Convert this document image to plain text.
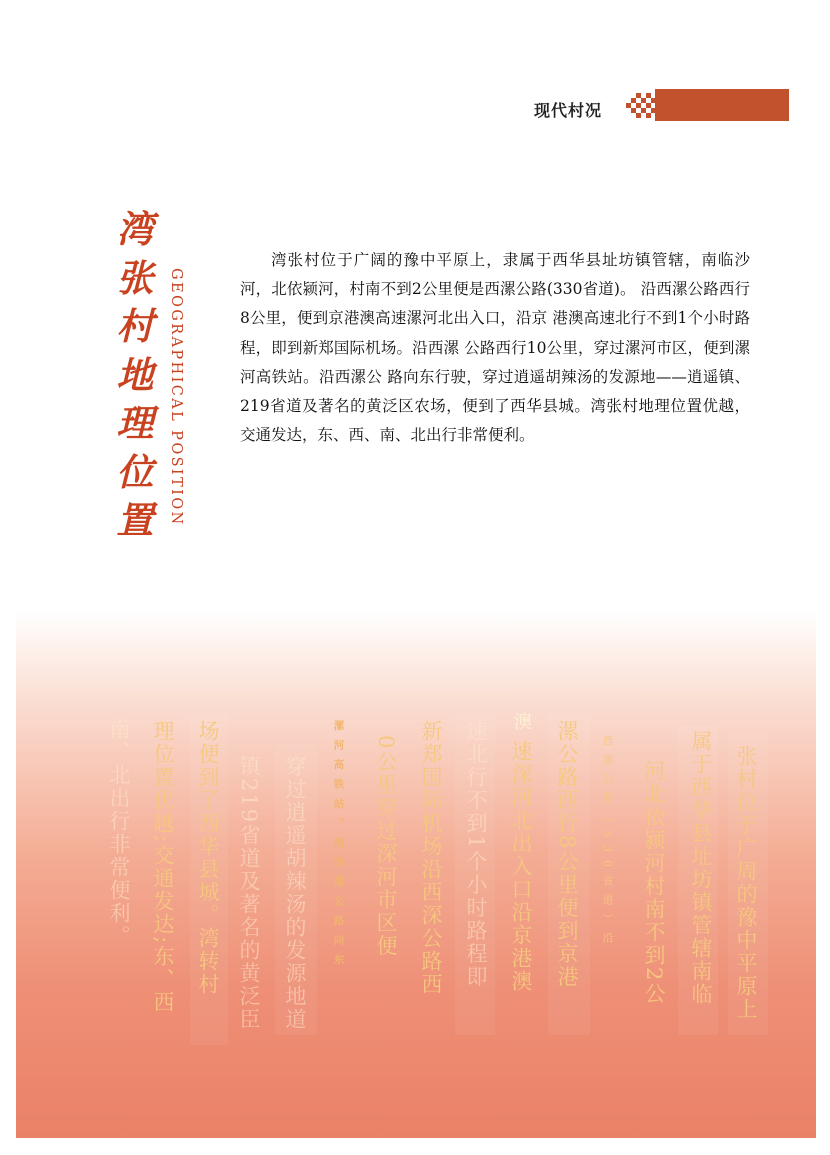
现代村况
湾
张
村
地
理
位
置	GEOGRAPHICAL POSITION
湾张村位于广阔的豫中平原上，隶属于西华县址坊镇管辖，南临沙河，北依颍河，村南不到2公里便是西漯公路(330省道)。 沿西漯公路西行8公里，便到京港澳高速漯河北出入口，沿京 港澳高速北行不到1个小时路程，即到新郑国际机场。沿西漯 公路西行10公里，穿过漯河市区，便到漯河高铁站。沿西漯公 路向东行驶，穿过逍遥胡辣汤的发源地——逍遥镇、219省道及著名的黄泛区农场，便到了西华县城。湾张村地理位置优越，交通发达，东、西、南、北出行非常便利。
张村位于广周的豫中平原上
属于西华县址坊镇管辖南临
河北依颍河村南不到2公
西漯公路（330省道）沿
漯公路西行8公里便到京港
速深河北出入口沿京港澳
速北行不到1个小时路程即
新郑国际机场沿西深公路西
0公里穿过深河市区便
漯河高铁站。沿西漯公路向东
穿过逍遥胡辣汤的发源地道
镇219省道及著名的黄泛臣
场便到了西华县城。湾转村
理位置优越;交通发达;东、西
南、北出行非常便利。	澳
